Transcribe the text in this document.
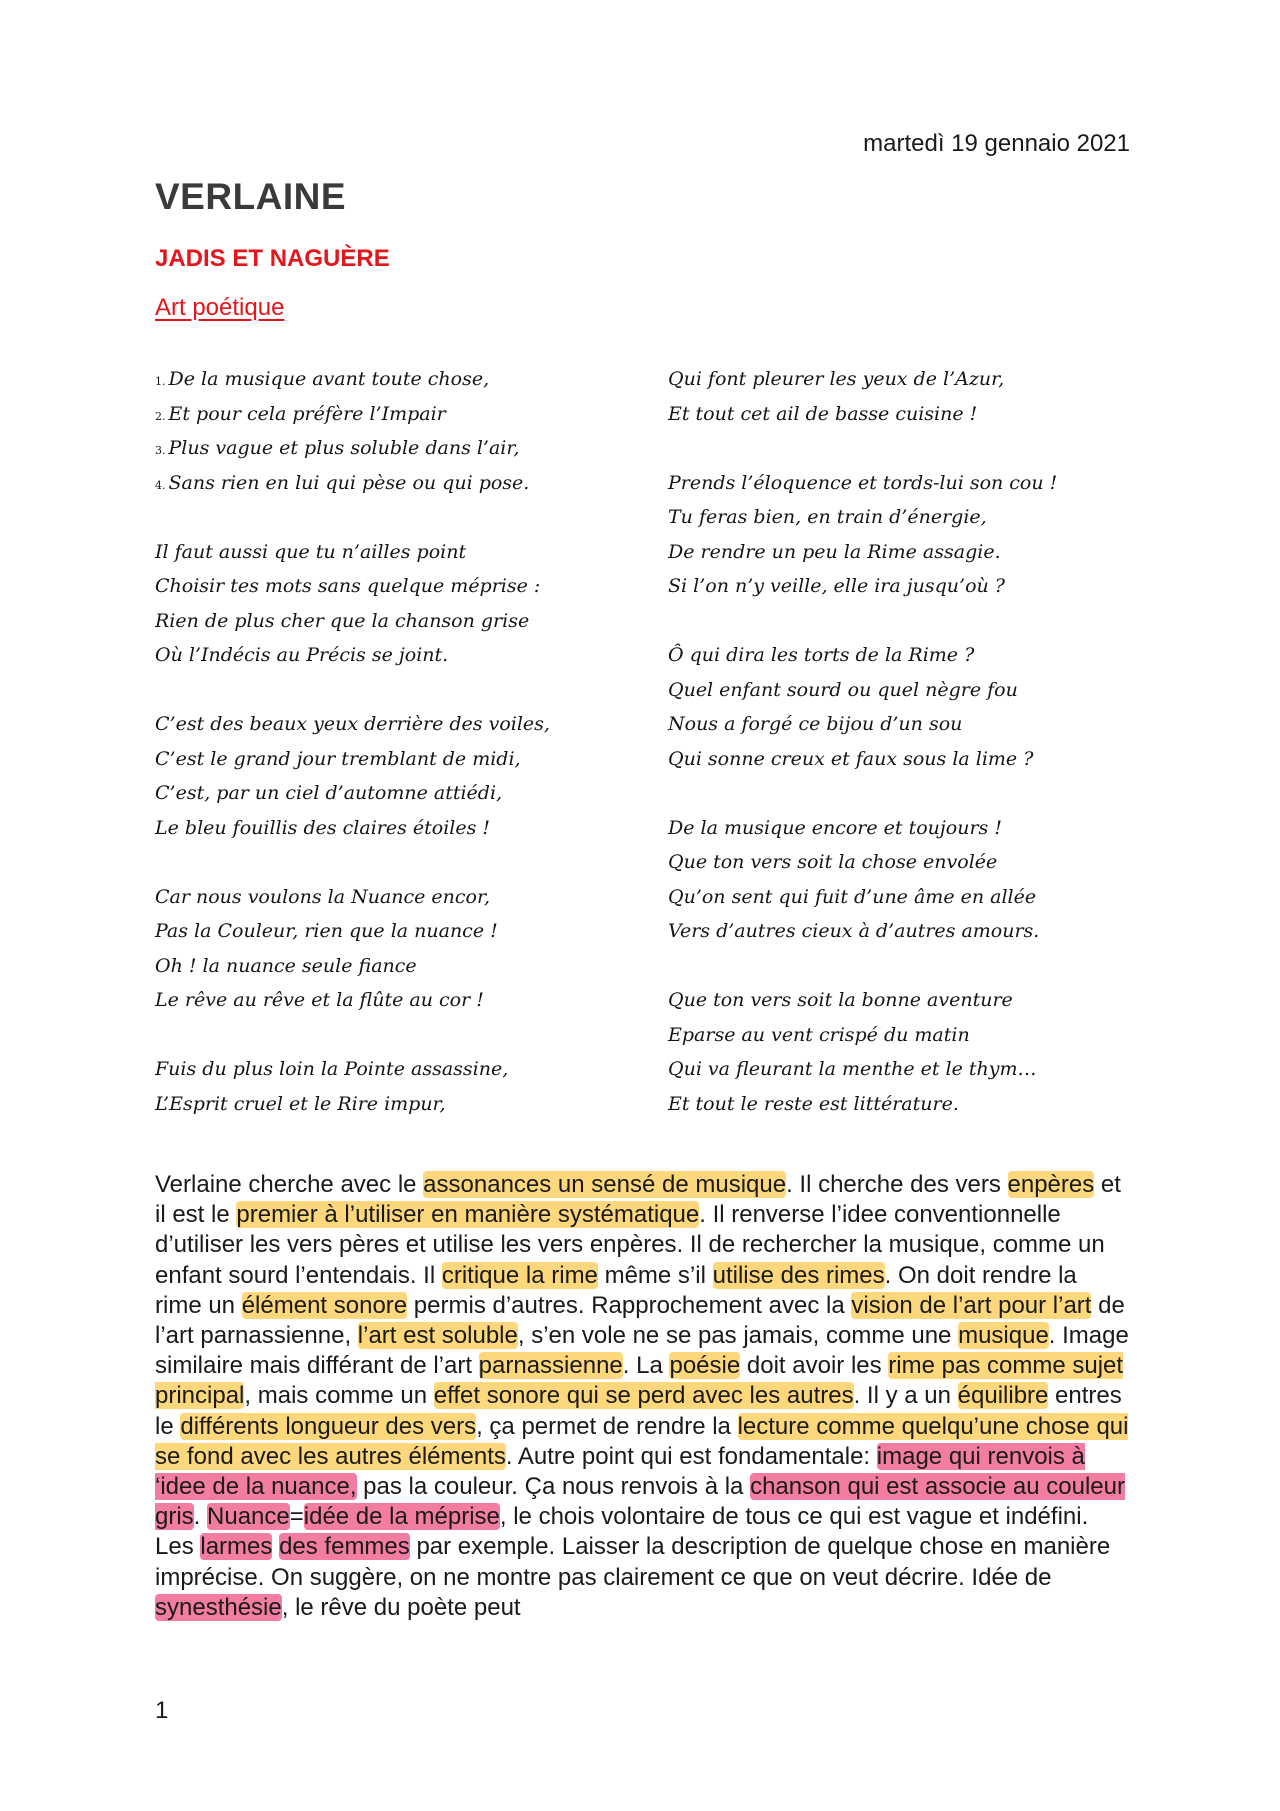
martedì 19 gennaio 2021
VERLAINE
JADIS ET NAGUÈRE
Art poétique
1. De la musique avant toute chose,
2. Et pour cela préfère l’Impair
3. Plus vague et plus soluble dans l’air,
4. Sans rien en lui qui pèse ou qui pose.
Il faut aussi que tu n’ailles point
Choisir tes mots sans quelque méprise :
Rien de plus cher que la chanson grise
Où l’Indécis au Précis se joint.
C’est des beaux yeux derrière des voiles,
C’est le grand jour tremblant de midi,
C’est, par un ciel d’automne attiédi,
Le bleu fouillis des claires étoiles !
Car nous voulons la Nuance encor,
Pas la Couleur, rien que la nuance !
Oh ! la nuance seule fiance
Le rêve au rêve et la flûte au cor !
Fuis du plus loin la Pointe assassine,
L’Esprit cruel et le Rire impur,
Qui font pleurer les yeux de l’Azur,
Et tout cet ail de basse cuisine !
Prends l’éloquence et tords-lui son cou !
Tu feras bien, en train d’énergie,
De rendre un peu la Rime assagie.
Si l’on n’y veille, elle ira jusqu’où ?
Ô qui dira les torts de la Rime ?
Quel enfant sourd ou quel nègre fou
Nous a forgé ce bijou d’un sou
Qui sonne creux et faux sous la lime ?
De la musique encore et toujours !
Que ton vers soit la chose envolée
Qu’on sent qui fuit d’une âme en allée
Vers d’autres cieux à d’autres amours.
Que ton vers soit la bonne aventure
Eparse au vent crispé du matin
Qui va fleurant la menthe et le thym…
Et tout le reste est littérature.
Verlaine cherche avec le assonances un sensé de musique. Il cherche des vers enpères et il est le premier à l’utiliser en manière systématique. Il renverse l’idee conventionnelle d’utiliser les vers pères et utilise les vers enpères. Il de rechercher la musique, comme un enfant sourd l’entendais. Il critique la rime même s’il utilise des rimes. On doit rendre la rime un élément sonore permis d’autres. Rapprochement avec la vision de l’art pour l’art de l’art parnassienne, l’art est soluble, s’en vole ne se pas jamais, comme une musique. Image similaire mais différant de l’art parnassienne. La poésie doit avoir les rime pas comme sujet principal, mais comme un effet sonore qui se perd avec les autres. Il y a un équilibre entres le différents longueur des vers, ça permet de rendre la lecture comme quelqu’une chose qui se fond avec les autres éléments. Autre point qui est fondamentale: image qui renvois à ‘idee de la nuance, pas la couleur. Ça nous renvois à la chanson qui est associe au couleur gris. Nuance=idée de la méprise, le chois volontaire de tous ce qui est vague et indéfini. Les larmes des femmes par exemple. Laisser la description de quelque chose en manière imprécise. On suggère, on ne montre pas clairement ce que on veut décrire. Idée de synesthésie, le rêve du poète peut
1
